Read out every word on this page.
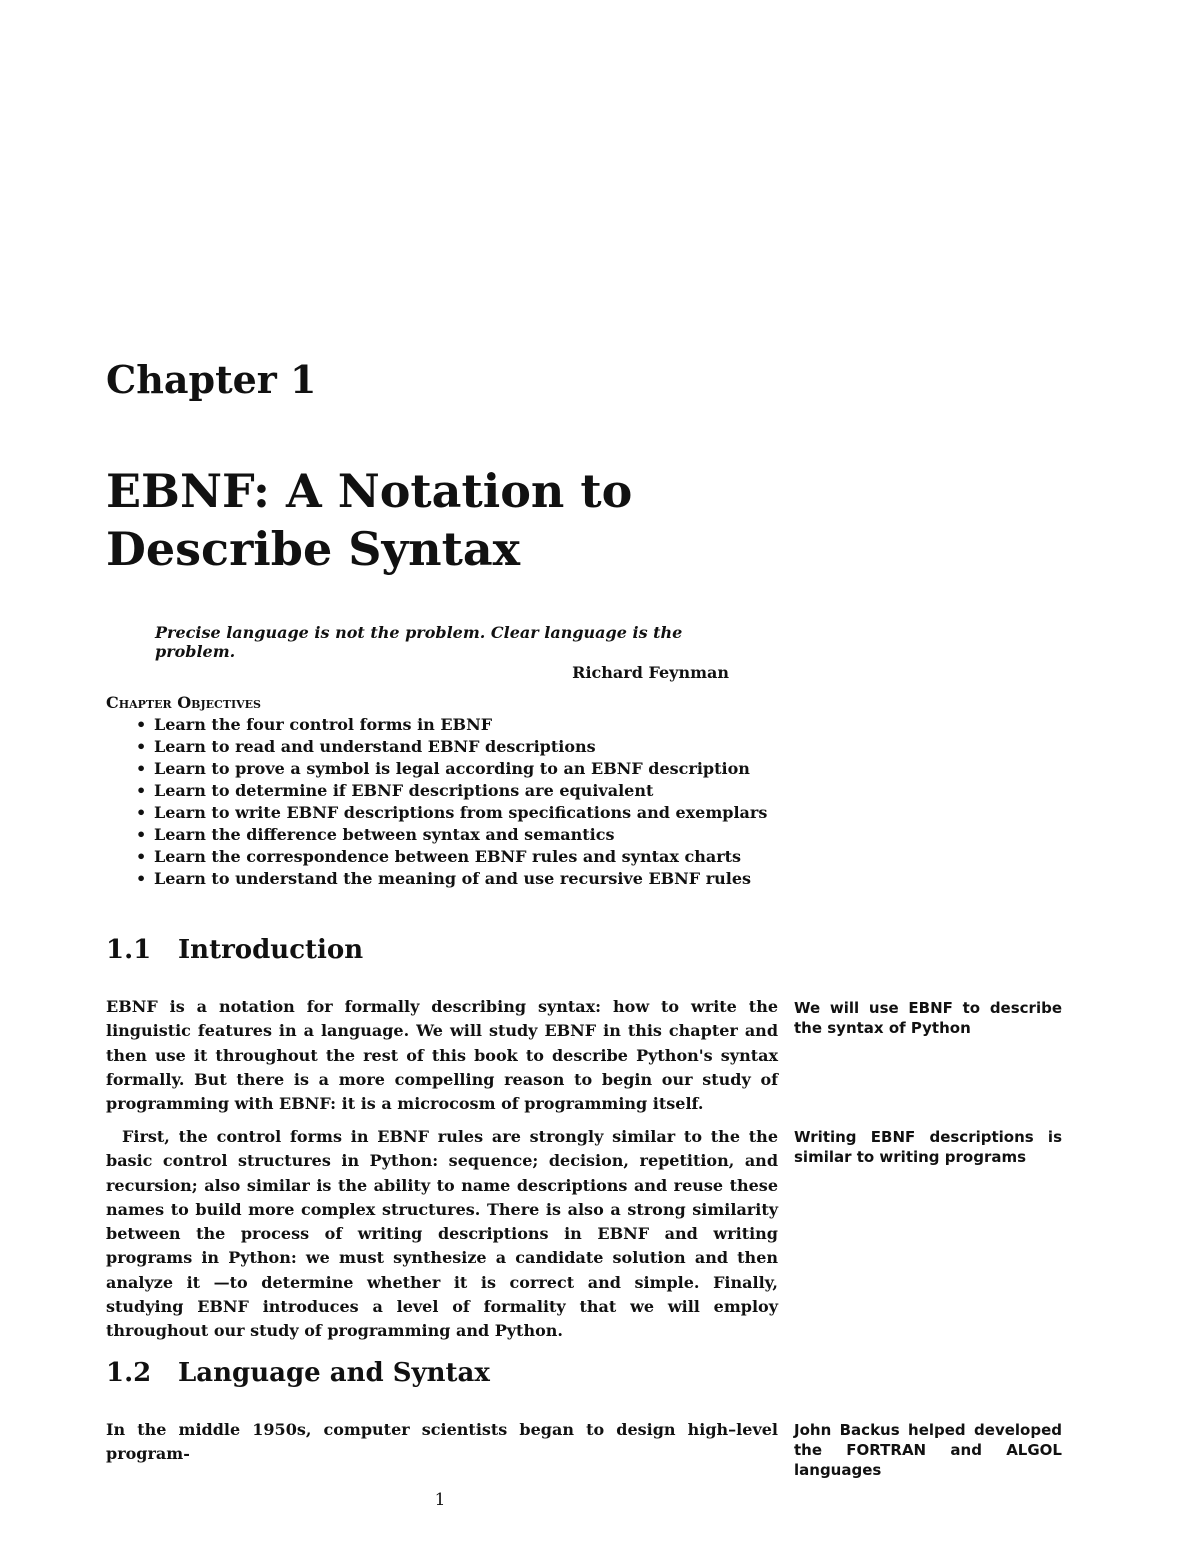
Chapter 1
EBNF: A Notation to Describe Syntax
Precise language is not the problem. Clear language is the problem.
Richard Feynman
Chapter Objectives
• Learn the four control forms in EBNF
• Learn to read and understand EBNF descriptions
• Learn to prove a symbol is legal according to an EBNF description
• Learn to determine if EBNF descriptions are equivalent
• Learn to write EBNF descriptions from specifications and exemplars
• Learn the difference between syntax and semantics
• Learn the correspondence between EBNF rules and syntax charts
• Learn to understand the meaning of and use recursive EBNF rules
1.1 Introduction
EBNF is a notation for formally describing syntax: how to write the linguistic features in a language. We will study EBNF in this chapter and then use it throughout the rest of this book to describe Python's syntax formally. But there is a more compelling reason to begin our study of programming with EBNF: it is a microcosm of programming itself.
We will use EBNF to describe the syntax of Python
First, the control forms in EBNF rules are strongly similar to the the basic control structures in Python: sequence; decision, repetition, and recursion; also similar is the ability to name descriptions and reuse these names to build more complex structures. There is also a strong similarity between the process of writing descriptions in EBNF and writing programs in Python: we must synthesize a candidate solution and then analyze it —to determine whether it is correct and simple. Finally, studying EBNF introduces a level of formality that we will employ throughout our study of programming and Python.
Writing EBNF descriptions is similar to writing programs
1.2 Language and Syntax
In the middle 1950s, computer scientists began to design high–level program-
John Backus helped developed the FORTRAN and ALGOL languages
1
